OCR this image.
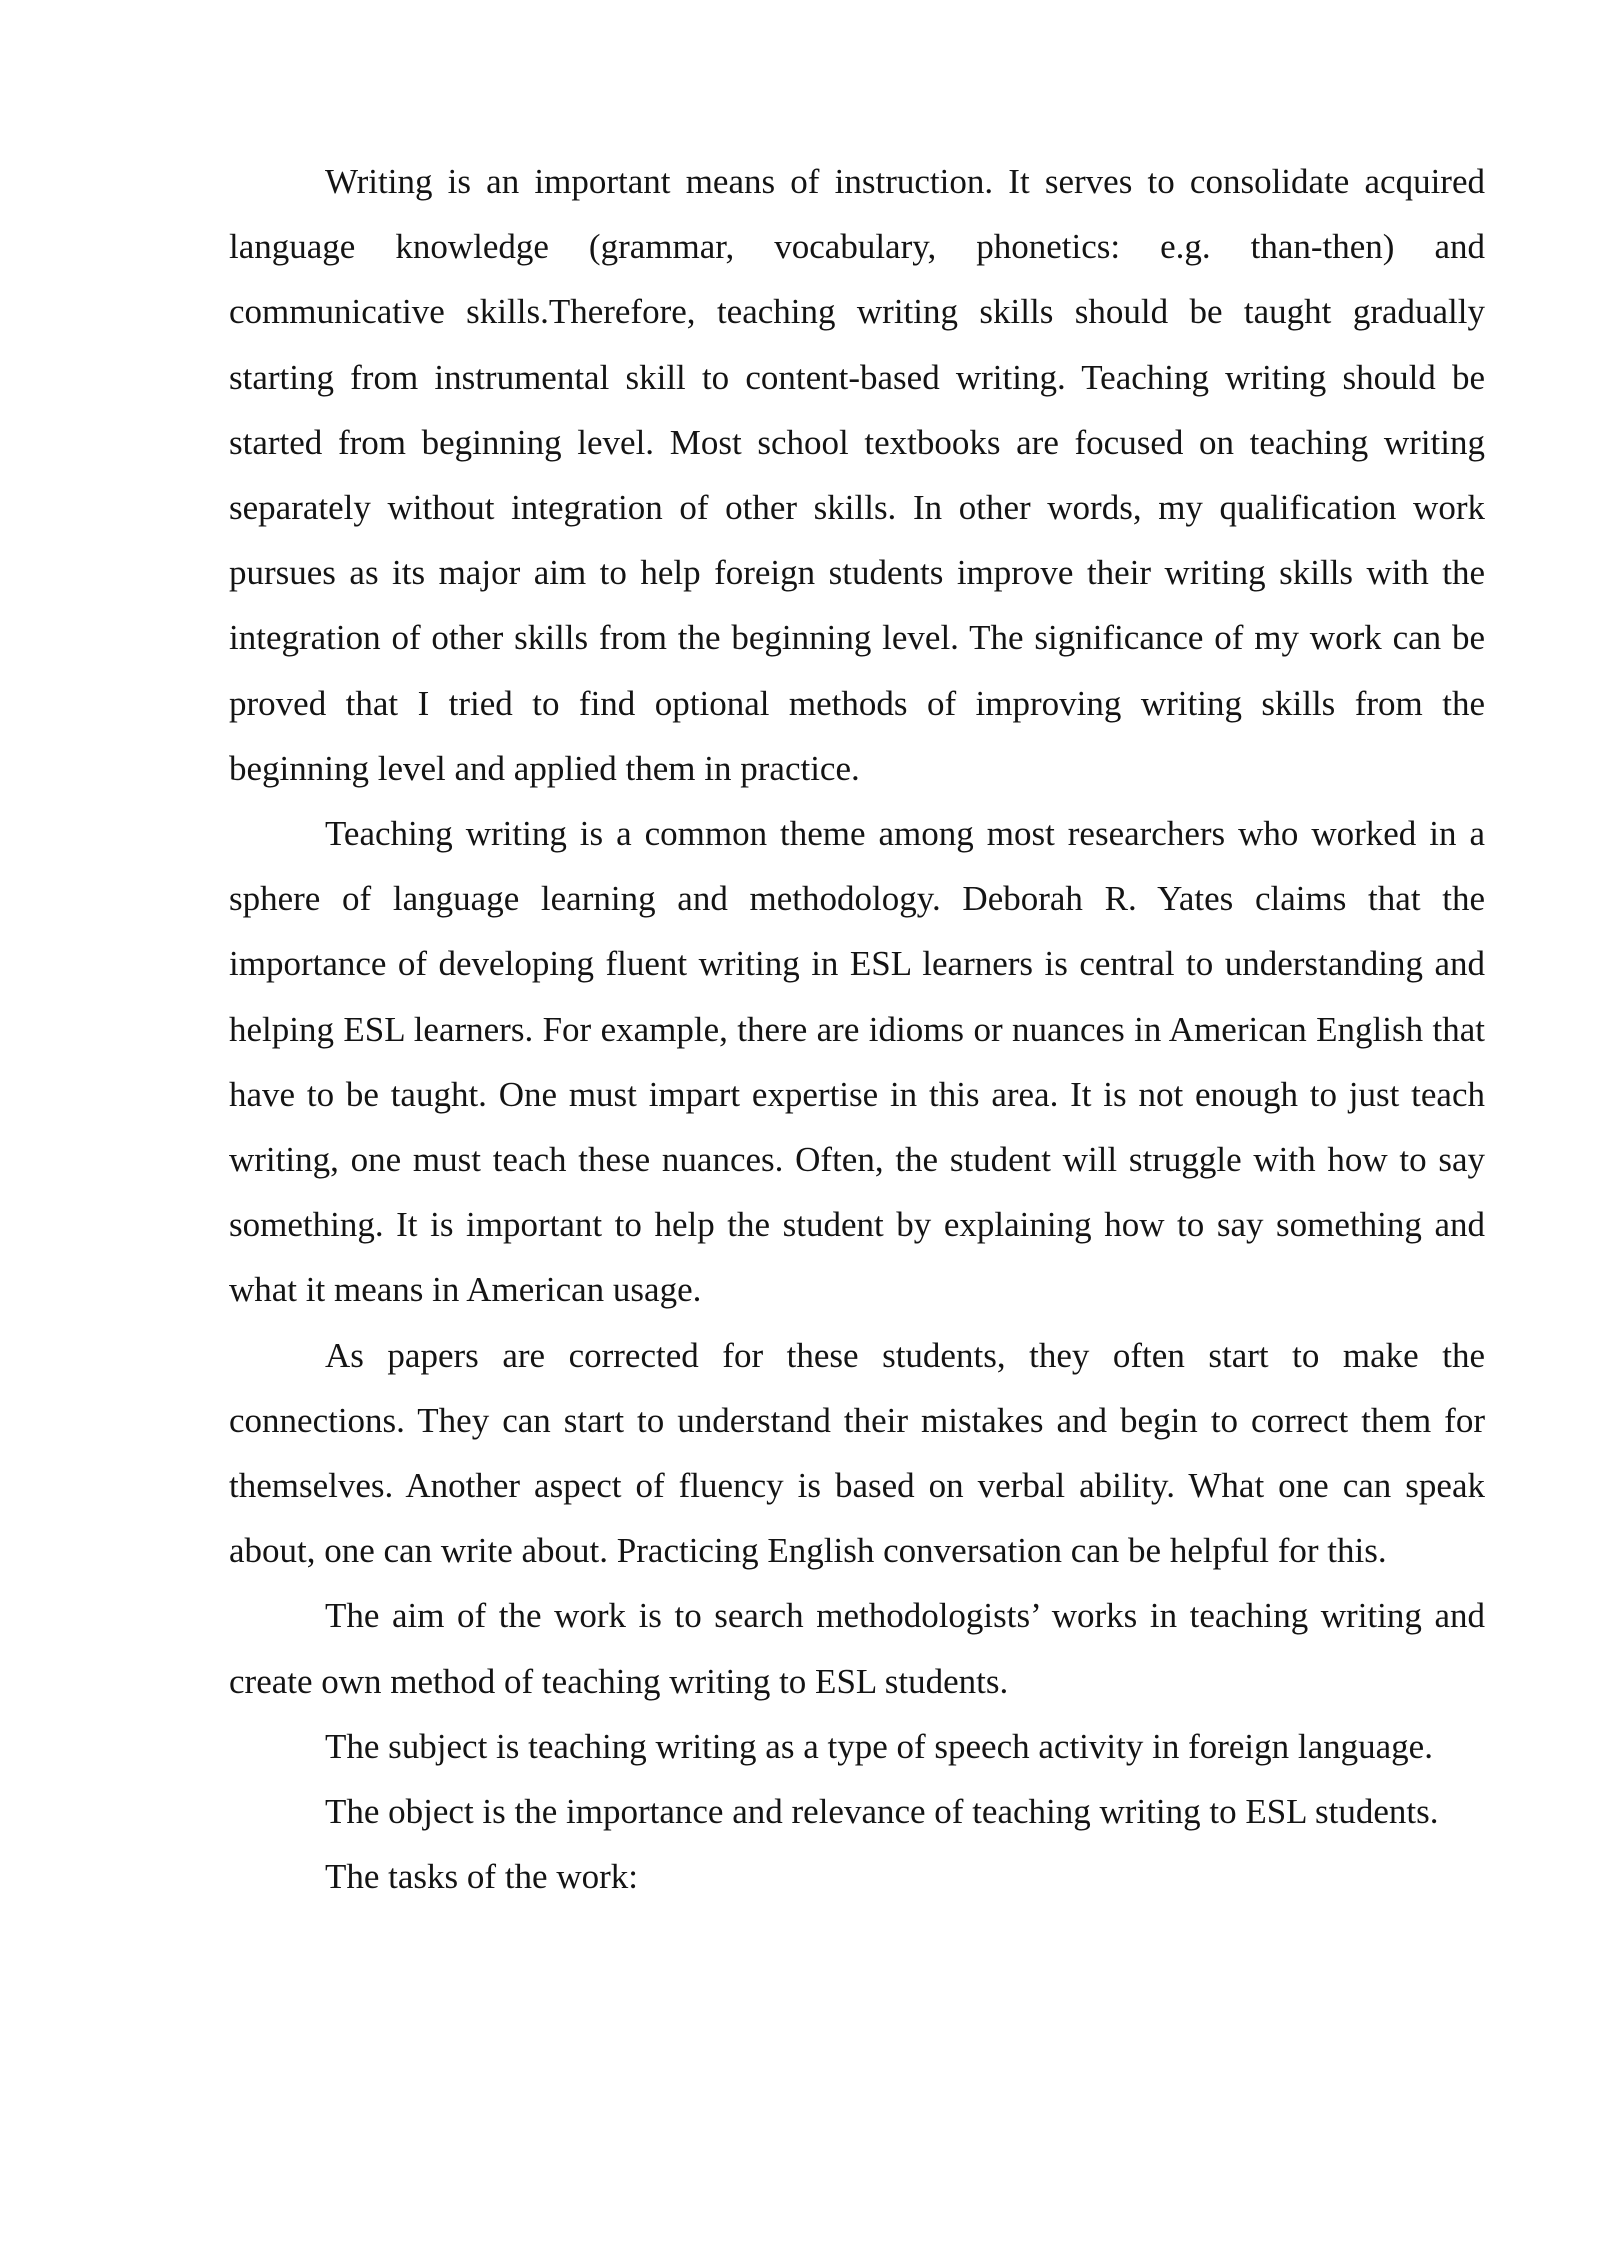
Writing is an important means of instruction. It serves to consolidate acquired language knowledge (grammar, vocabulary, phonetics: e.g. than-then) and communicative skills.Therefore, teaching writing skills should be taught gradually starting from instrumental skill to content-based writing. Teaching writing should be started from beginning level. Most school textbooks are focused on teaching writing separately without integration of other skills. In other words, my qualification work pursues as its major aim to help foreign students improve their writing skills with the integration of other skills from the beginning level. The significance of my work can be proved that I tried to find optional methods of improving writing skills from the beginning level and applied them in practice.

Teaching writing is a common theme among most researchers who worked in a sphere of language learning and methodology. Deborah R. Yates claims that the importance of developing fluent writing in ESL learners is central to understanding and helping ESL learners. For example, there are idioms or nuances in American English that have to be taught. One must impart expertise in this area. It is not enough to just teach writing, one must teach these nuances. Often, the student will struggle with how to say something. It is important to help the student by explaining how to say something and what it means in American usage.

As papers are corrected for these students, they often start to make the connections. They can start to understand their mistakes and begin to correct them for themselves. Another aspect of fluency is based on verbal ability. What one can speak about, one can write about. Practicing English conversation can be helpful for this.

The aim of the work is to search methodologists’ works in teaching writing and create own method of teaching writing to ESL students.

The subject is teaching writing as a type of speech activity in foreign language.

The object is the importance and relevance of teaching writing to ESL students.

The tasks of the work:
